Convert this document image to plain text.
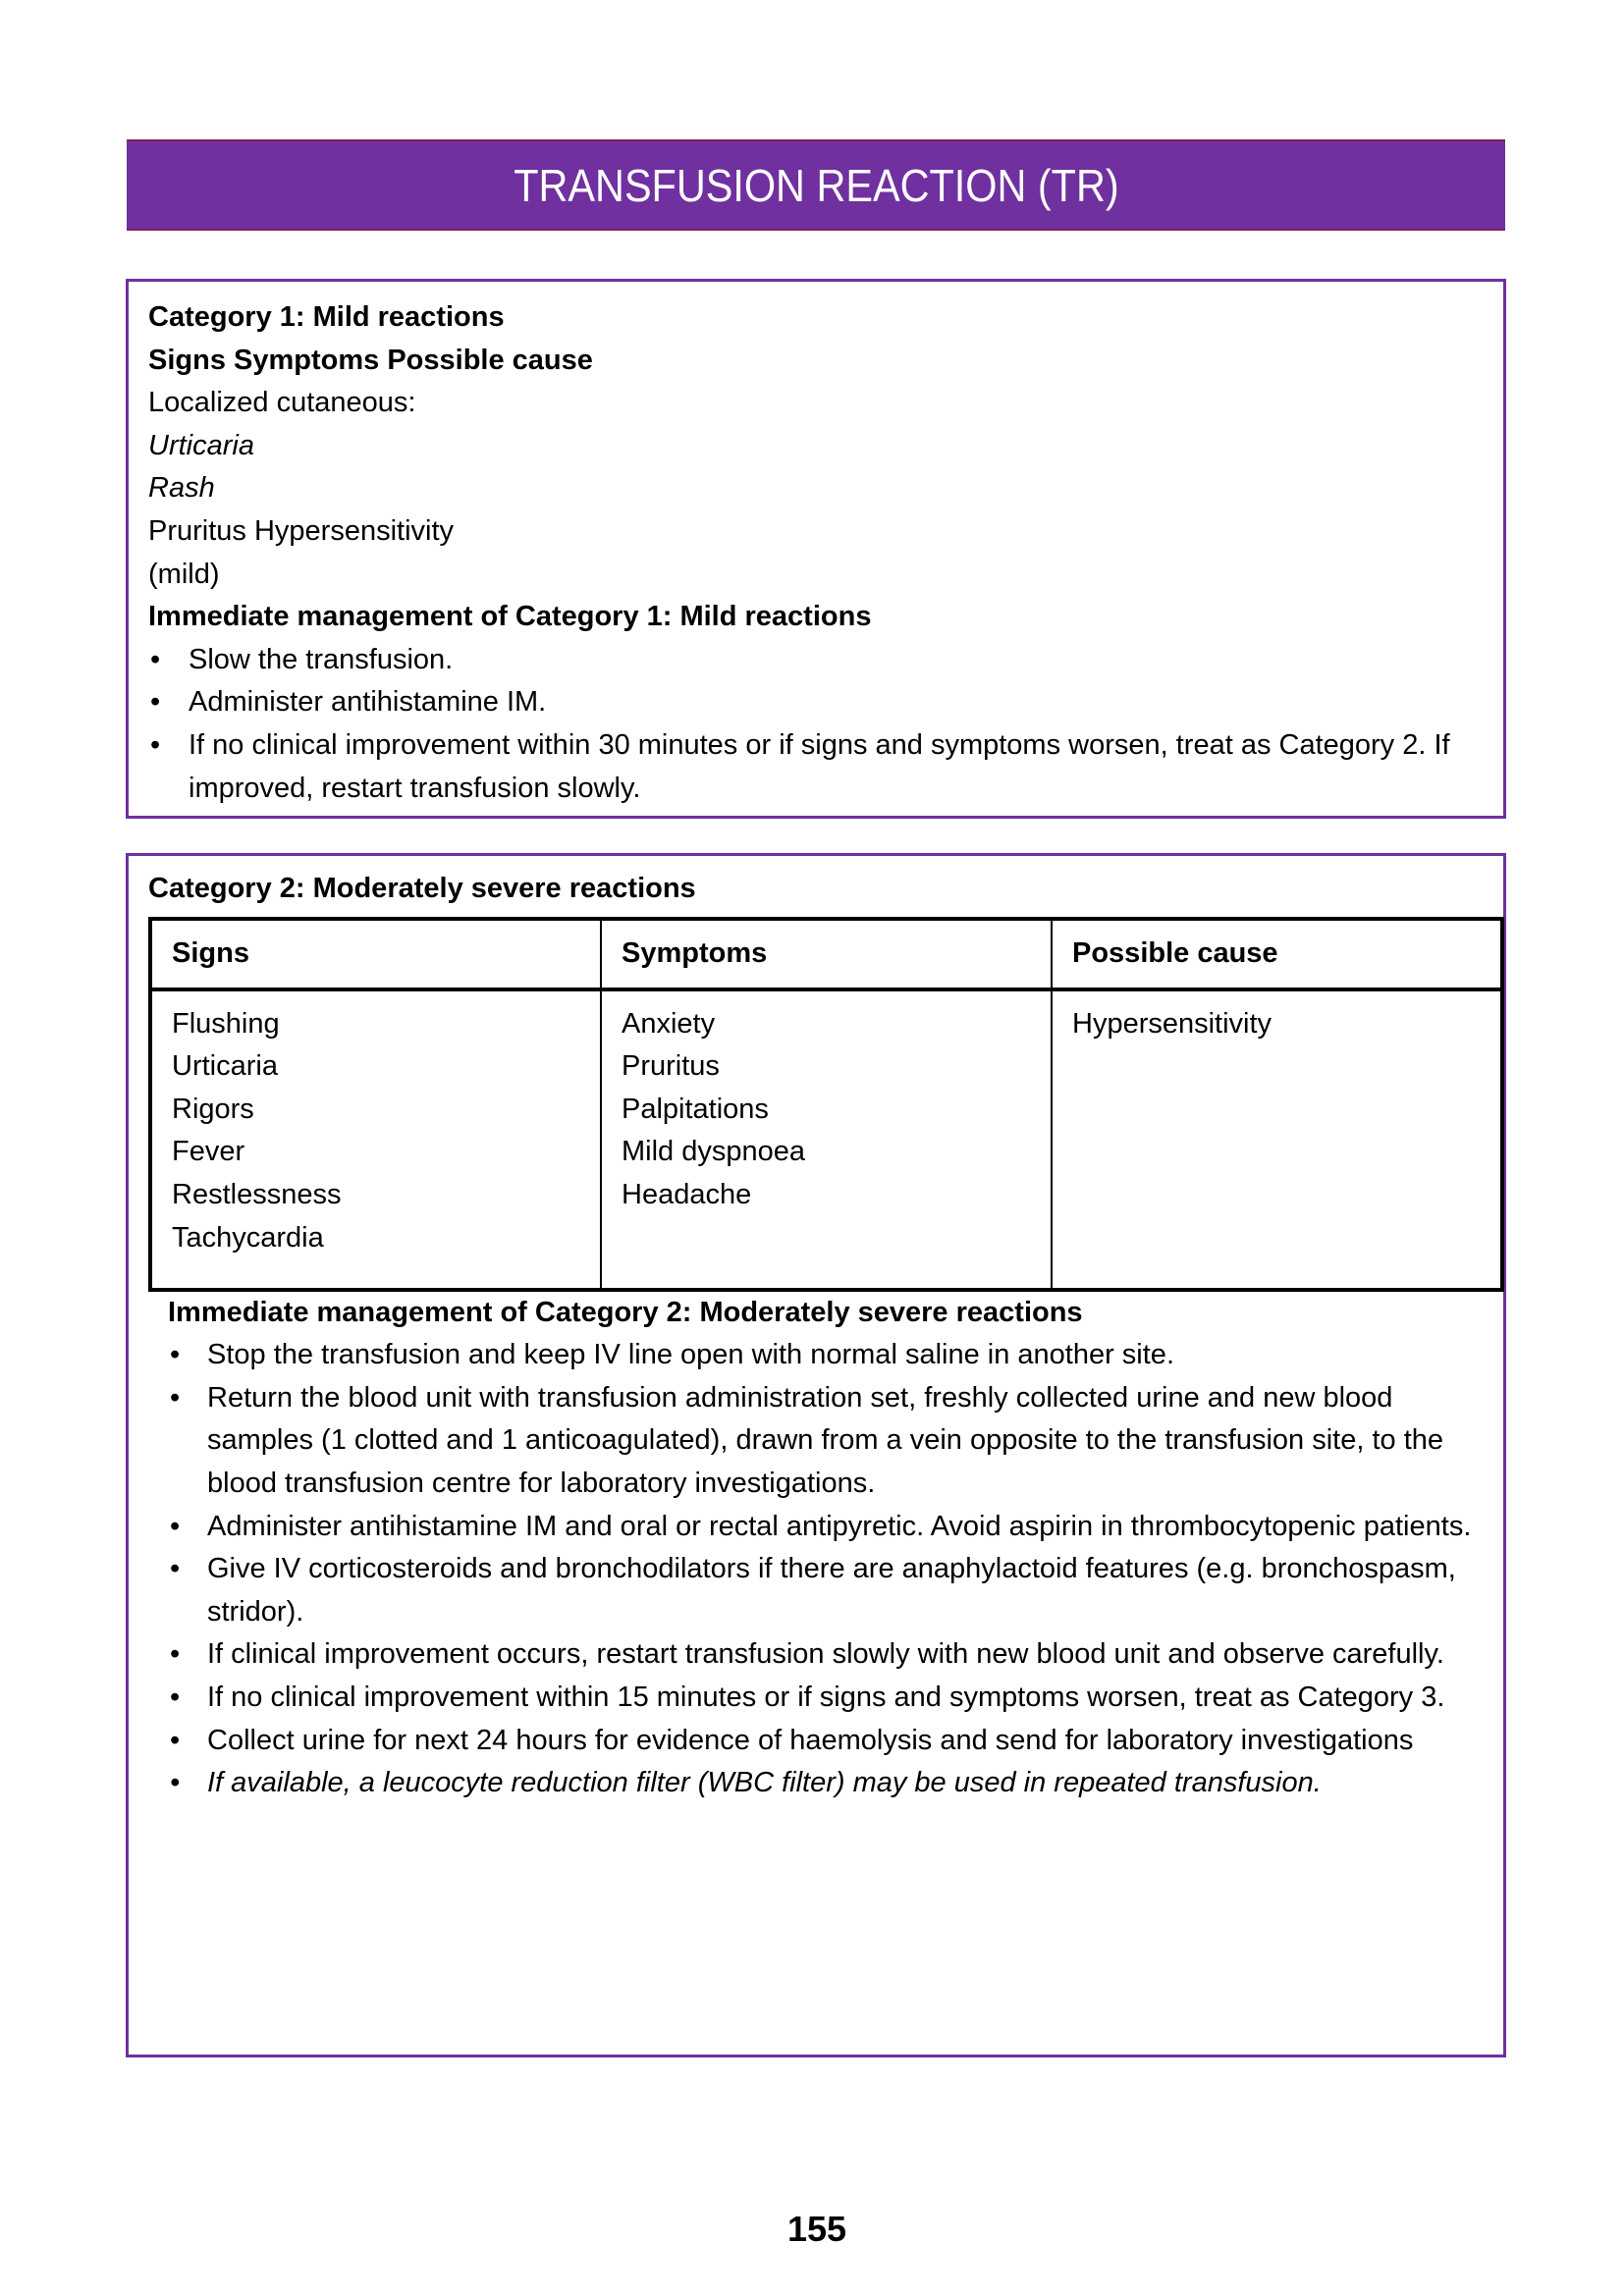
TRANSFUSION REACTION (TR)
Category 1: Mild reactions
Signs Symptoms Possible cause
Localized cutaneous:
Urticaria
Rash
Pruritus Hypersensitivity
(mild)
Immediate management of Category 1: Mild reactions
• Slow the transfusion.
• Administer antihistamine IM.
• If no clinical improvement within 30 minutes or if signs and symptoms worsen, treat as Category 2. If improved, restart transfusion slowly.
Category 2: Moderately severe reactions
Signs	Symptoms	Possible cause

Flushing
Urticaria
Rigors
Fever
Restlessness
Tachycardia

Anxiety
Pruritus
Palpitations
Mild dyspnoea
Headache

Hypersensitivity
Immediate management of Category 2: Moderately severe reactions
• Stop the transfusion and keep IV line open with normal saline in another site.
• Return the blood unit with transfusion administration set, freshly collected urine and new blood samples (1 clotted and 1 anticoagulated), drawn from a vein opposite to the transfusion site, to the blood transfusion centre for laboratory investigations.
• Administer antihistamine IM and oral or rectal antipyretic. Avoid aspirin in thrombocytopenic patients.
• Give IV corticosteroids and bronchodilators if there are anaphylactoid features (e.g. bronchospasm, stridor).
• If clinical improvement occurs, restart transfusion slowly with new blood unit and observe carefully.
• If no clinical improvement within 15 minutes or if signs and symptoms worsen, treat as Category 3.
• Collect urine for next 24 hours for evidence of haemolysis and send for laboratory investigations
• If available, a leucocyte reduction filter (WBC filter) may be used in repeated transfusion.
155
